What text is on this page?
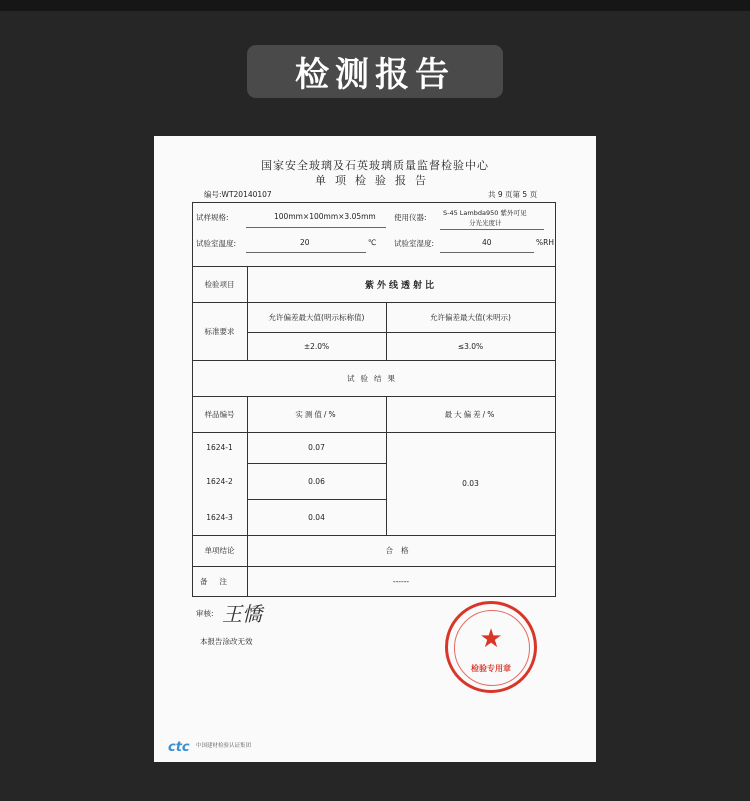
检测报告
国家安全玻璃及石英玻璃质量监督检验中心
单项检验报告
编号:WT20140107	共 9 页第 5 页
试样规格:	100mm×100mm×3.05mm 使用仪器:	S-45 Lambda950 紫外可见
分光光度计
试验室温度:	20	℃ 试验室湿度:	40	%RH
检验项目	紫外线透射比
标准要求
允许偏差最大值(明示标称值)	允许偏差最大值(未明示)
±2.0%	≤3.0%
试验结果
样品编号	实测值/%	最大偏差/%
1624-1	0.07
1624-2	0.06
1624-3	0.04
0.03
单项结论	合格
备注	------
审核: 王憍
本报告涂改无效	★
检验专用章
ctc 中国建材检验认证集团
